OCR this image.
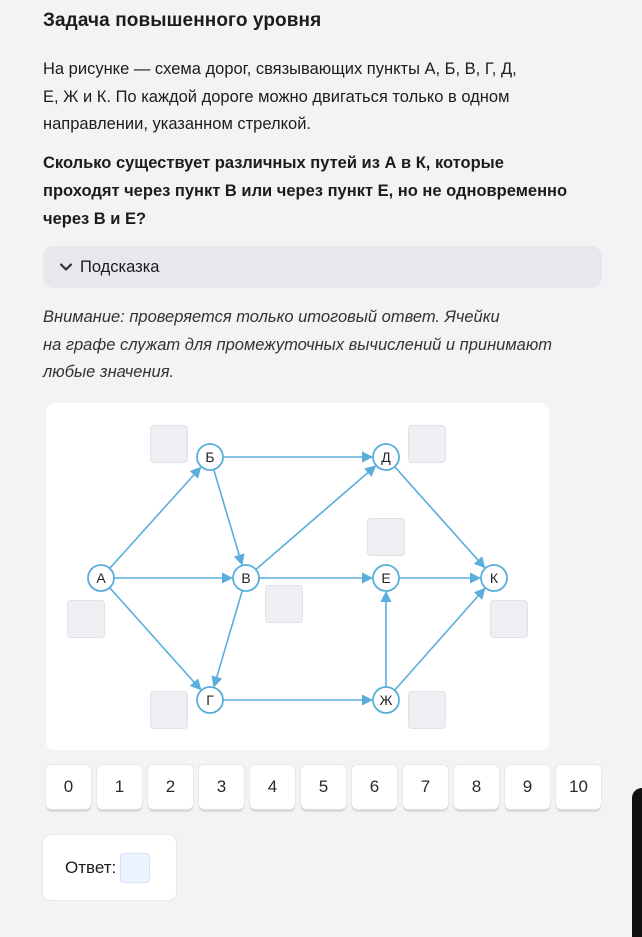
Задача повышенного уровня
На рисунке — схема дорог, связывающих пункты А, Б, В, Г, Д,
Е, Ж и К. По каждой дороге можно двигаться только в одном
направлении, указанном стрелкой.
Сколько существует различных путей из А в К, которые
проходят через пункт В или через пункт Е, но не одновременно
через В и Е?
Подсказка
Внимание: проверяется только итоговый ответ. Ячейки
на графе служат для промежуточных вычислений и принимают
любые значения.
А
Б
В
Г
Д
Е
Ж
К
0	1	2	3	4	5	6	7	8	9	10
Ответ:
